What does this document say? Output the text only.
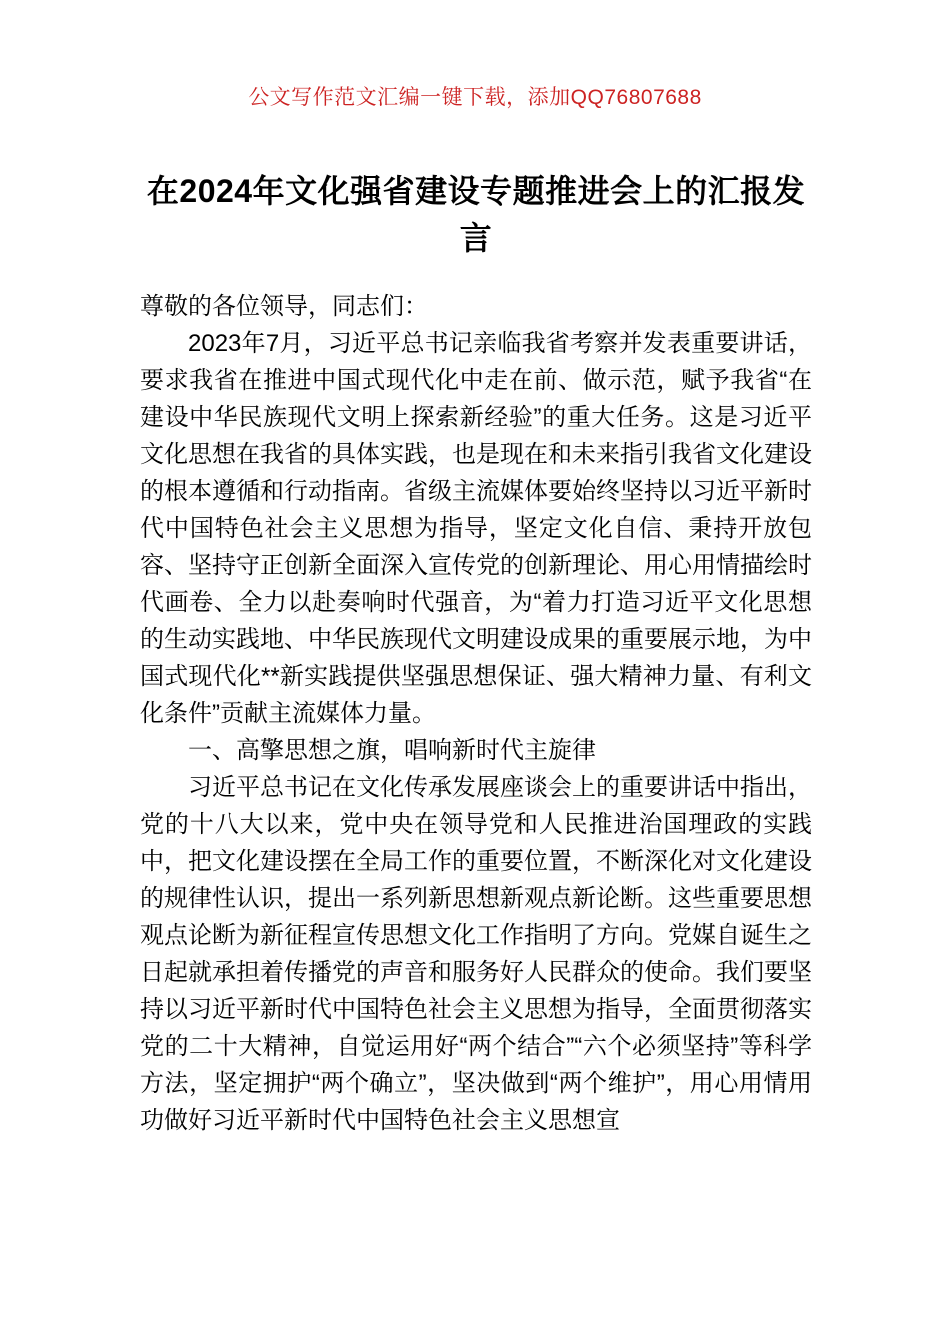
公文写作范文汇编一键下载，添加QQ76807688
在2024年文化强省建设专题推进会上的汇报发言

尊敬的各位领导，同志们：

2023年7月，习近平总书记亲临我省考察并发表重要讲话，要求我省在推进中国式现代化中走在前、做示范，赋予我省“在建设中华民族现代文明上探索新经验”的重大任务。这是习近平文化思想在我省的具体实践，也是现在和未来指引我省文化建设的根本遵循和行动指南。省级主流媒体要始终坚持以习近平新时代中国特色社会主义思想为指导，坚定文化自信、秉持开放包容、坚持守正创新全面深入宣传党的创新理论、用心用情描绘时代画卷、全力以赴奏响时代强音，为“着力打造习近平文化思想的生动实践地、中华民族现代文明建设成果的重要展示地，为中国式现代化**新实践提供坚强思想保证、强大精神力量、有利文化条件”贡献主流媒体力量。

一、高擎思想之旗，唱响新时代主旋律

习近平总书记在文化传承发展座谈会上的重要讲话中指出，党的十八大以来，党中央在领导党和人民推进治国理政的实践中，把文化建设摆在全局工作的重要位置，不断深化对文化建设的规律性认识，提出一系列新思想新观点新论断。这些重要思想观点论断为新征程宣传思想文化工作指明了方向。党媒自诞生之日起就承担着传播党的声音和服务好人民群众的使命。我们要坚持以习近平新时代中国特色社会主义思想为指导，全面贯彻落实党的二十大精神，自觉运用好“两个结合”“六个必须坚持”等科学方法，坚定拥护“两个确立”，坚决做到“两个维护”，用心用情用功做好习近平新时代中国特色社会主义思想宣
